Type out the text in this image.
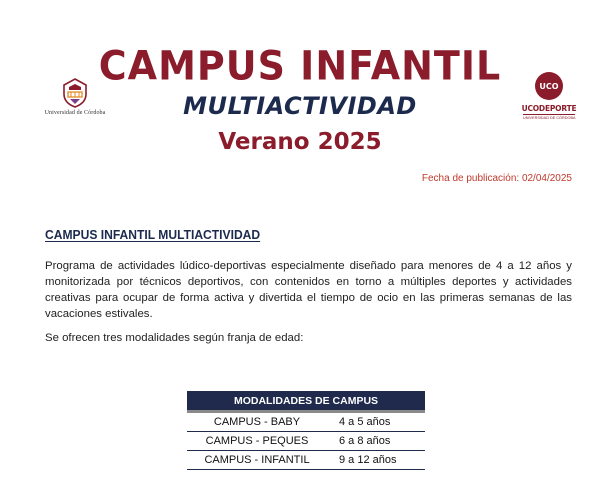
Universidad de Córdoba
CAMPUS INFANTIL
MULTIACTIVIDAD
Verano 2025
UCO
UCODEPORTE
UNIVERSIDAD DE CÓRDOBA
Fecha de publicación: 02/04/2025
CAMPUS INFANTIL MULTIACTIVIDAD

Programa de actividades lúdico-deportivas especialmente diseñado para menores de 4 a 12 años y monitorizada por técnicos deportivos, con contenidos en torno a múltiples deportes y actividades creativas para ocupar de forma activa y divertida el tiempo de ocio en las primeras semanas de las vacaciones estivales.

Se ofrecen tres modalidades según franja de edad:

MODALIDADES DE CAMPUS	
CAMPUS - BABY	4 a 5 años
CAMPUS - PEQUES	6 a 8 años
CAMPUS - INFANTIL	9 a 12 años
